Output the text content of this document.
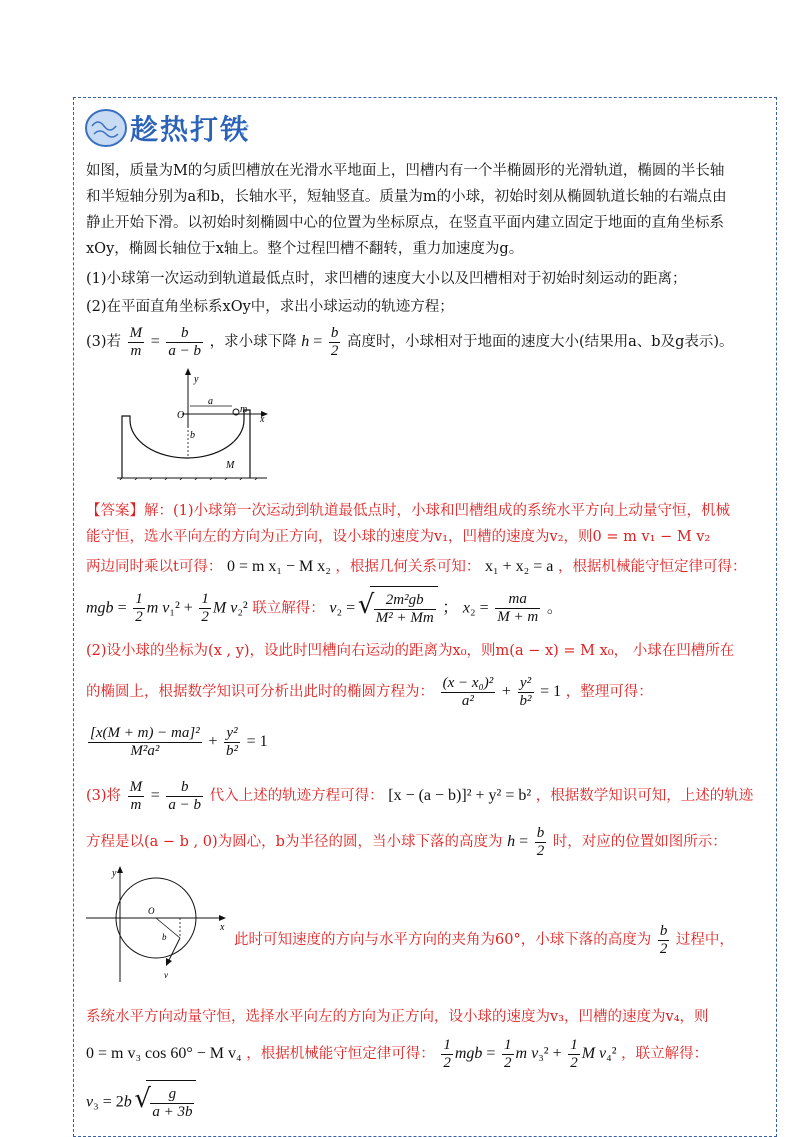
趁热打铁
如图，质量为M的匀质凹槽放在光滑水平地面上，凹槽内有一个半椭圆形的光滑轨道，椭圆的半长轴
和半短轴分别为a和b，长轴水平，短轴竖直。质量为m的小球，初始时刻从椭圆轨道长轴的右端点由
静止开始下滑。以初始时刻椭圆中心的位置为坐标原点，在竖直平面内建立固定于地面的直角坐标系
xOy，椭圆长轴位于x轴上。整个过程凹槽不翻转，重力加速度为g。
(1)小球第一次运动到轨道最低点时，求凹槽的速度大小以及凹槽相对于初始时刻运动的距离；
(2)在平面直角坐标系xOy中，求出小球运动的轨迹方程；
(3)若 $\frac{M}{m} = \frac{b}{a - b}$ ，求小球下降 $h = \frac{b}{2}$ 高度时，小球相对于地面的速度大小(结果用a、b及g表示)。
y
O
a
b
m
x
M
【答案】解：(1)小球第一次运动到轨道最低点时，小球和凹槽组成的系统水平方向上动量守恒，机械
能守恒，选水平向左的方向为正方向，设小球的速度为v₁，凹槽的速度为v₂，则0 = m v₁ − M v₂
两边同时乘以t可得： 0 = m x₁ − M x₂ ，根据几何关系可知： x₁ + x₂ = a ，根据机械能守恒定律可得：
mgb = $\frac{1}{2}$ m $v_1^2 + \frac{1}{2}$ M v₂² 联立解得： v₂ = √ $\frac{\text{2m²gb}}{\text{M² + Mm}}$ ； $x_2 = \frac{ma}{M + m}$ 。
(2)设小球的坐标为(x , y)，设此时凹槽向右运动的距离为x₀，则m(a − x) = M x₀， 小球在凹槽所在
的椭圆上，根据数学知识可分析出此时的椭圆方程为： $\frac{\text{(x − x₀)²}}{\text{a²}} + \frac{\text{y²}}{\text{b²}} = 1$ ，整理可得：
$\frac{\text{[x(M + m) − ma]²}}{\text{M²a²}} + \frac{\text{y²}}{\text{b²}} = 1$
(3)将 $\frac{M}{m} = \frac{b}{a - b}$ 代入上述的轨迹方程可得： [x − (a − b)]² + y² = b² ，根据数学知识可知，上述的轨迹
方程是以(a − b , 0)为圆心，b为半径的圆，当小球下落的高度为 $h = \frac{b}{2}$ 时，对应的位置如图所示：
y
O
b
v
x
此时可知速度的方向与水平方向的夹角为60°，小球下落的高度为 $\frac{b}{2}$ 过程中，
系统水平方向动量守恒，选择水平向左的方向为正方向，设小球的速度为v₃，凹槽的速度为v₄，则
0 = m v₃ cos 60° − M v₄ ，根据机械能守恒定律可得： $\frac{1}{2}$ mgb = $\frac{1}{2}$ m $v_3^2 + \frac{1}{2}$ M v₄² ，联立解得：
v₃ = 2b √ $\frac{g}{a + 3b}$
